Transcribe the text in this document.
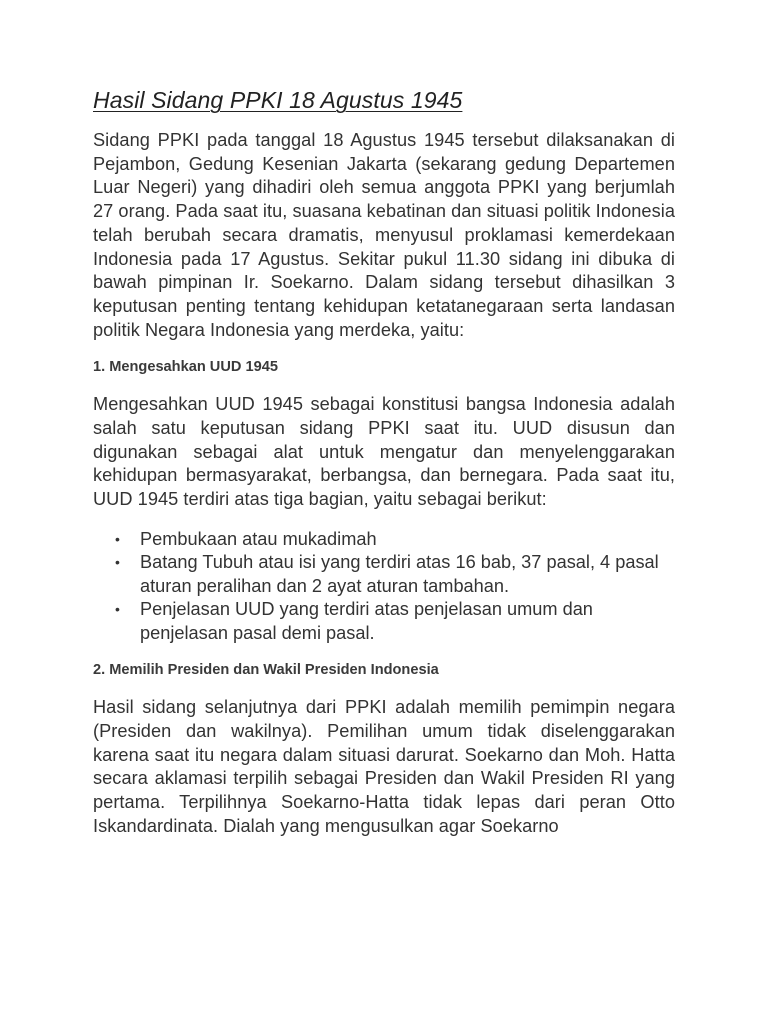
Hasil Sidang PPKI 18 Agustus 1945

Sidang PPKI pada tanggal 18 Agustus 1945 tersebut dilaksanakan di Pejambon, Gedung Kesenian Jakarta (sekarang gedung Departemen Luar Negeri) yang dihadiri oleh semua anggota PPKI yang berjumlah 27 orang. Pada saat itu, suasana kebatinan dan situasi politik Indonesia telah berubah secara dramatis, menyusul proklamasi kemerdekaan Indonesia pada 17 Agustus. Sekitar pukul 11.30 sidang ini dibuka di bawah pimpinan Ir. Soekarno. Dalam sidang tersebut dihasilkan 3 keputusan penting tentang kehidupan ketatanegaraan serta landasan politik Negara Indonesia yang merdeka, yaitu:

1. Mengesahkan UUD 1945

Mengesahkan UUD 1945 sebagai konstitusi bangsa Indonesia adalah salah satu keputusan sidang PPKI saat itu. UUD disusun dan digunakan sebagai alat untuk mengatur dan menyelenggarakan kehidupan bermasyarakat, berbangsa, dan bernegara. Pada saat itu, UUD 1945 terdiri atas tiga bagian, yaitu sebagai berikut:

• Pembukaan atau mukadimah
• Batang Tubuh atau isi yang terdiri atas 16 bab, 37 pasal, 4 pasal aturan peralihan dan 2 ayat aturan tambahan.
• Penjelasan UUD yang terdiri atas penjelasan umum dan penjelasan pasal demi pasal.
2. Memilih Presiden dan Wakil Presiden Indonesia

Hasil sidang selanjutnya dari PPKI adalah memilih pemimpin negara (Presiden dan wakilnya). Pemilihan umum tidak diselenggarakan karena saat itu negara dalam situasi darurat. Soekarno dan Moh. Hatta secara aklamasi terpilih sebagai Presiden dan Wakil Presiden RI yang pertama. Terpilihnya Soekarno-Hatta tidak lepas dari peran Otto Iskandardinata. Dialah yang mengusulkan agar Soekarno
